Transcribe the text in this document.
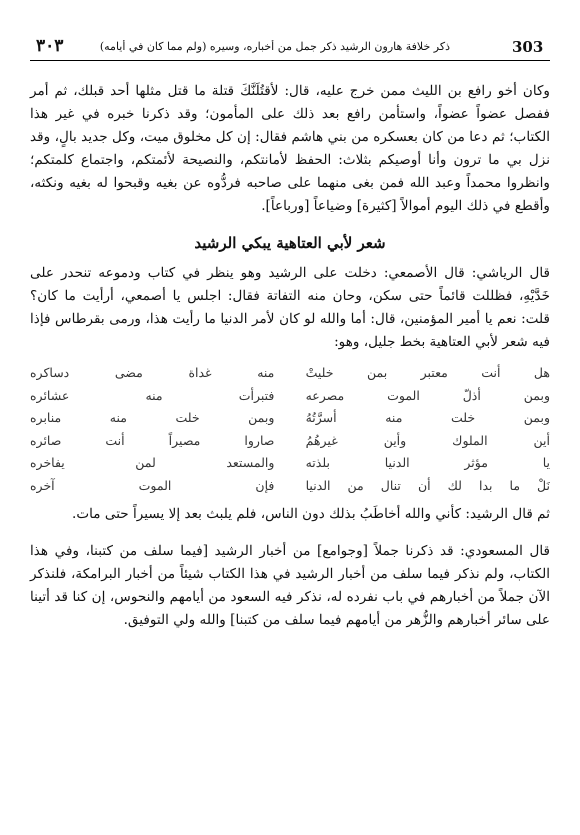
303
ذكر خلافة هارون الرشيد ذكر جمل من أخباره، وسيره (ولم مما كان في أيامه)
٣٠٣

وكان أخو رافع بن الليث ممن خرج عليه، قال: لأقتُلَنَّكَ قتلة ما قتل مثلها أحد قبلك، ثم أمر ففصل عضواً عضواً، واستأمن رافع بعد ذلك على المأمون؛ وقد ذكرنا خبره في غير هذا الكتاب؛ ثم دعا من كان بعسكره من بني هاشم فقال: إن كل مخلوق ميت، وكل جديد بالٍ، وقد نزل بي ما ترون وأنا أوصيكم بثلاث: الحفظ لأمانتكم، والنصيحة لأئمتكم، واجتماع كلمتكم؛ وانظروا محمداً وعبد الله فمن بغى منهما على صاحبه فردُّوه عن بغيه وقبحوا له بغيه ونكثه، وأقطع في ذلك اليوم أموالاً [كثيرة] وضياعاً [ورباعاً].

شعر لأبي العتاهية يبكي الرشيد

قال الرياشي: قال الأصمعي: دخلت على الرشيد وهو ينظر في كتاب ودموعه تنحدر على خَدَّيْهِ، فظللت قائماً حتى سكن، وحان منه التفاتة فقال: اجلس يا أصمعي، أرأيت ما كان؟ قلت: نعم يا أمير المؤمنين، قال: أما والله لو كان لأمر الدنيا ما رأيت هذا، ورمى بقرطاس فإذا فيه شعر لأبي العتاهية بخط جليل، وهو:

هل أنت معتبر بمن خليتْ
منه غداة مضى دساكره
وبمن أذلّ الموت مصرعه
فتبرأت منه عشائره
وبمن خلت منه أسرَّتُهُ
وبمن خلت منه منابره
أين الملوك وأين غيرهُمُ
صاروا مصيراً أنت صائره
يا مؤثر الدنيا بلذته
والمستعد لمن يفاخره
نَلْ ما بدا لك أن تنال من الدنيا
فإن الموت آخره

ثم قال الرشيد: كأني والله أخاطَبُ بذلك دون الناس، فلم يلبث بعد إلا يسيراً حتى مات.

قال المسعودي: قد ذكرنا جملاً [وجوامع] من أخبار الرشيد [فيما سلف من كتبنا، وفي هذا الكتاب، ولم نذكر فيما سلف من أخبار الرشيد في هذا الكتاب شيئاً من أخبار البرامكة، فلنذكر الآن جملاً من أخبارهم في باب نفرده له، نذكر فيه السعود من أيامهم والنحوس، إن كنا قد أتينا على سائر أخبارهم والزُّهر من أيامهم فيما سلف من كتبنا] والله ولي التوفيق.
